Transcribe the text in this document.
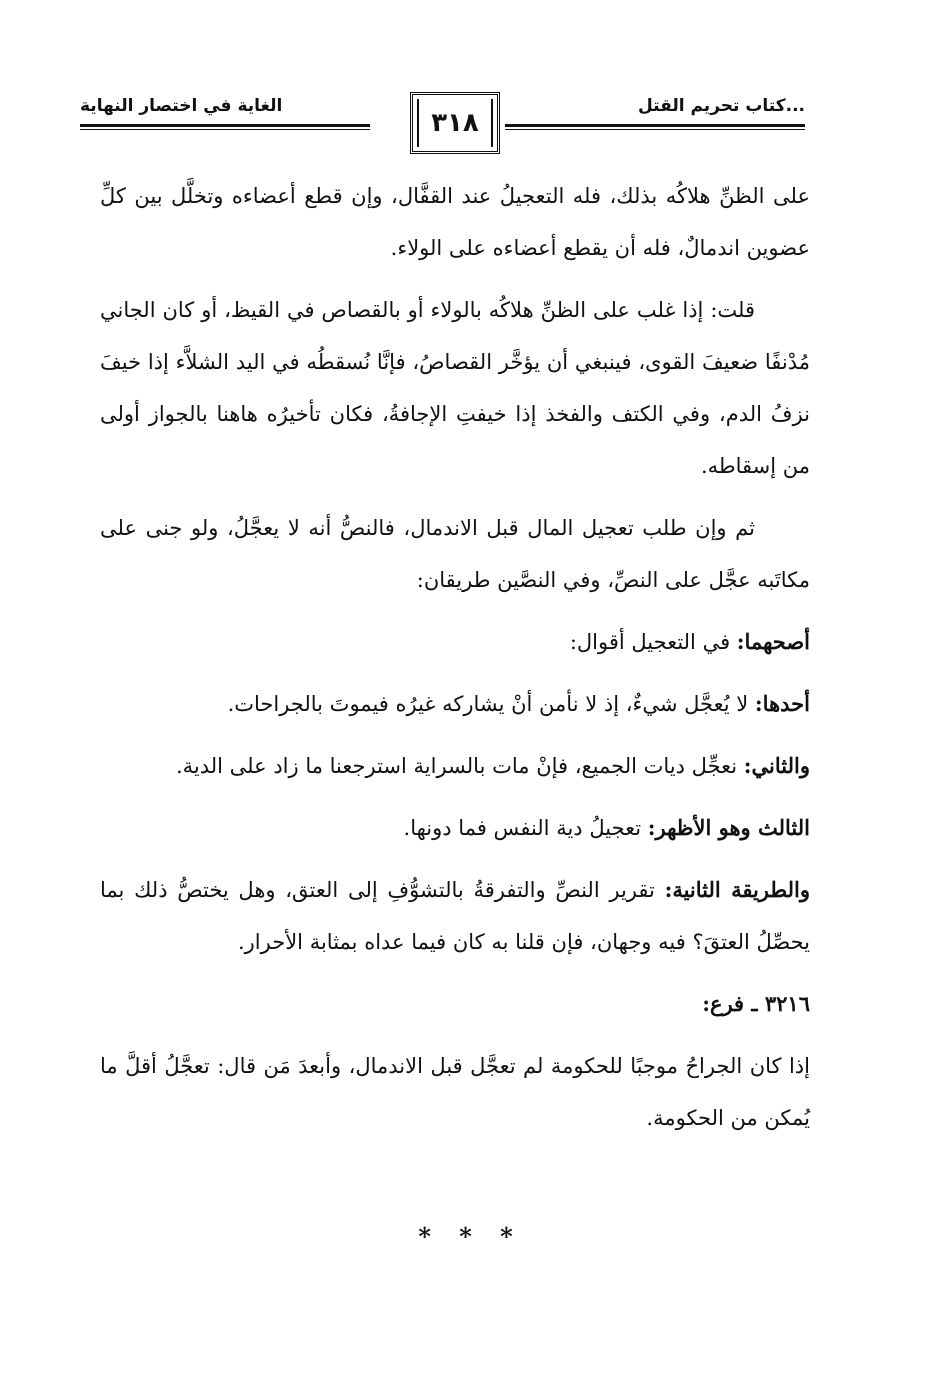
كتاب تحريم القتل...
الغاية في اختصار النهاية
٣١٨

على الظنِّ هلاكُه بذلك، فله التعجيلُ عند القفَّال، وإن قطع أعضاءه وتخلَّل بين كلِّ عضوين اندمالٌ، فله أن يقطع أعضاءه على الولاء.

قلت: إذا غلب على الظنِّ هلاكُه بالولاء أو بالقصاص في القيظ، أو كان الجاني مُدْنفًا ضعيفَ القوى، فينبغي أن يؤخَّر القصاصُ، فإنَّا نُسقطُه في اليد الشلاَّء إذا خيفَ نزفُ الدم، وفي الكتف والفخذ إذا خيفتِ الإجافةُ، فكان تأخيرُه هاهنا بالجواز أولى من إسقاطه.

ثم وإن طلب تعجيل المال قبل الاندمال، فالنصُّ أنه لا يعجَّلُ، ولو جنى على مكاتَبه عجَّل على النصِّ، وفي النصَّين طريقان:

أصحهما: في التعجيل أقوال:

أحدها: لا يُعجَّل شيءٌ، إذ لا نأمن أنْ يشاركه غيرُه فيموتَ بالجراحات.

والثاني: نعجِّل ديات الجميع، فإنْ مات بالسراية استرجعنا ما زاد على الدية.

الثالث وهو الأظهر: تعجيلُ دية النفس فما دونها.

والطريقة الثانية: تقرير النصِّ والتفرقةُ بالتشوُّفِ إلى العتق، وهل يختصُّ ذلك بما يحصِّلُ العتقَ؟ فيه وجهان، فإن قلنا به كان فيما عداه بمثابة الأحرار.

٣٢١٦ ـ فرع:

إذا كان الجراحُ موجبًا للحكومة لم تعجَّل قبل الاندمال، وأبعدَ مَن قال: تعجَّلُ أقلَّ ما يُمكن من الحكومة.

* * *
